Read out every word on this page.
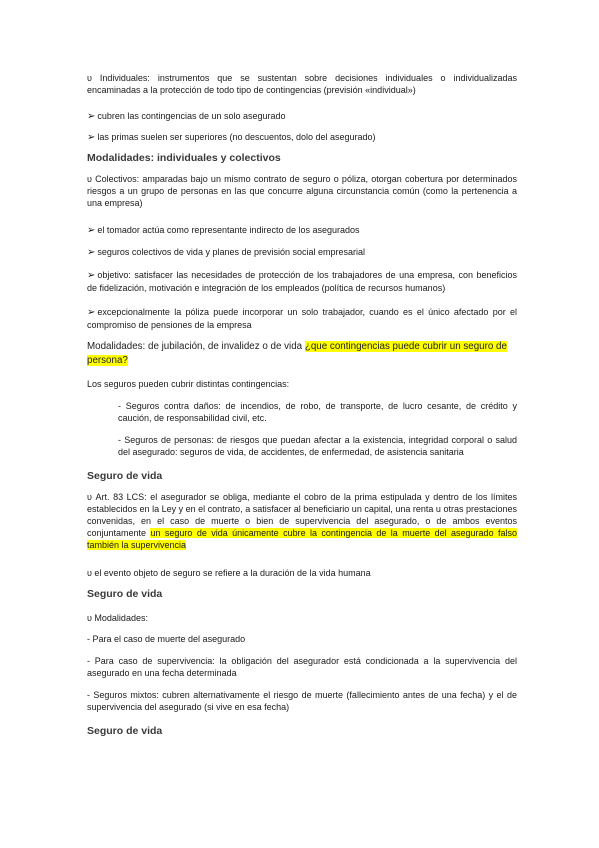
υ Individuales: instrumentos que se sustentan sobre decisiones individuales o individualizadas encaminadas a la protección de todo tipo de contingencias (previsión «individual»)
➢ cubren las contingencias de un solo asegurado
➢ las primas suelen ser superiores (no descuentos, dolo del asegurado)
Modalidades: individuales y colectivos
υ Colectivos: amparadas bajo un mismo contrato de seguro o póliza, otorgan cobertura por determinados riesgos a un grupo de personas en las que concurre alguna circunstancia común (como la pertenencia a una empresa)
➢ el tomador actúa como representante indirecto de los asegurados
➢ seguros colectivos de vida y planes de previsión social empresarial
➢ objetivo: satisfacer las necesidades de protección de los trabajadores de una empresa, con beneficios de fidelización, motivación e integración de los empleados (política de recursos humanos)
➢ excepcionalmente la póliza puede incorporar un solo trabajador, cuando es el único afectado por el compromiso de pensiones de la empresa
Modalidades: de jubilación, de invalidez o de vida ¿que contingencias puede cubrir un seguro de persona?
Los seguros pueden cubrir distintas contingencias:
- Seguros contra daños: de incendios, de robo, de transporte, de lucro cesante, de crédito y caución, de responsabilidad civil, etc.
- Seguros de personas: de riesgos que puedan afectar a la existencia, integridad corporal o salud del asegurado: seguros de vida, de accidentes, de enfermedad, de asistencia sanitaria
Seguro de vida
υ Art. 83 LCS: el asegurador se obliga, mediante el cobro de la prima estipulada y dentro de los límites establecidos en la Ley y en el contrato, a satisfacer al beneficiario un capital, una renta u otras prestaciones convenidas, en el caso de muerte o bien de supervivencia del asegurado, o de ambos eventos conjuntamente un seguro de vida únicamente cubre la contingencia de la muerte del asegurado falso también la supervivencia
υ el evento objeto de seguro se refiere a la duración de la vida humana
Seguro de vida
υ Modalidades:
- Para el caso de muerte del asegurado
- Para caso de supervivencia: la obligación del asegurador está condicionada a la supervivencia del asegurado en una fecha determinada
- Seguros mixtos: cubren alternativamente el riesgo de muerte (fallecimiento antes de una fecha) y el de supervivencia del asegurado (si vive en esa fecha)
Seguro de vida
